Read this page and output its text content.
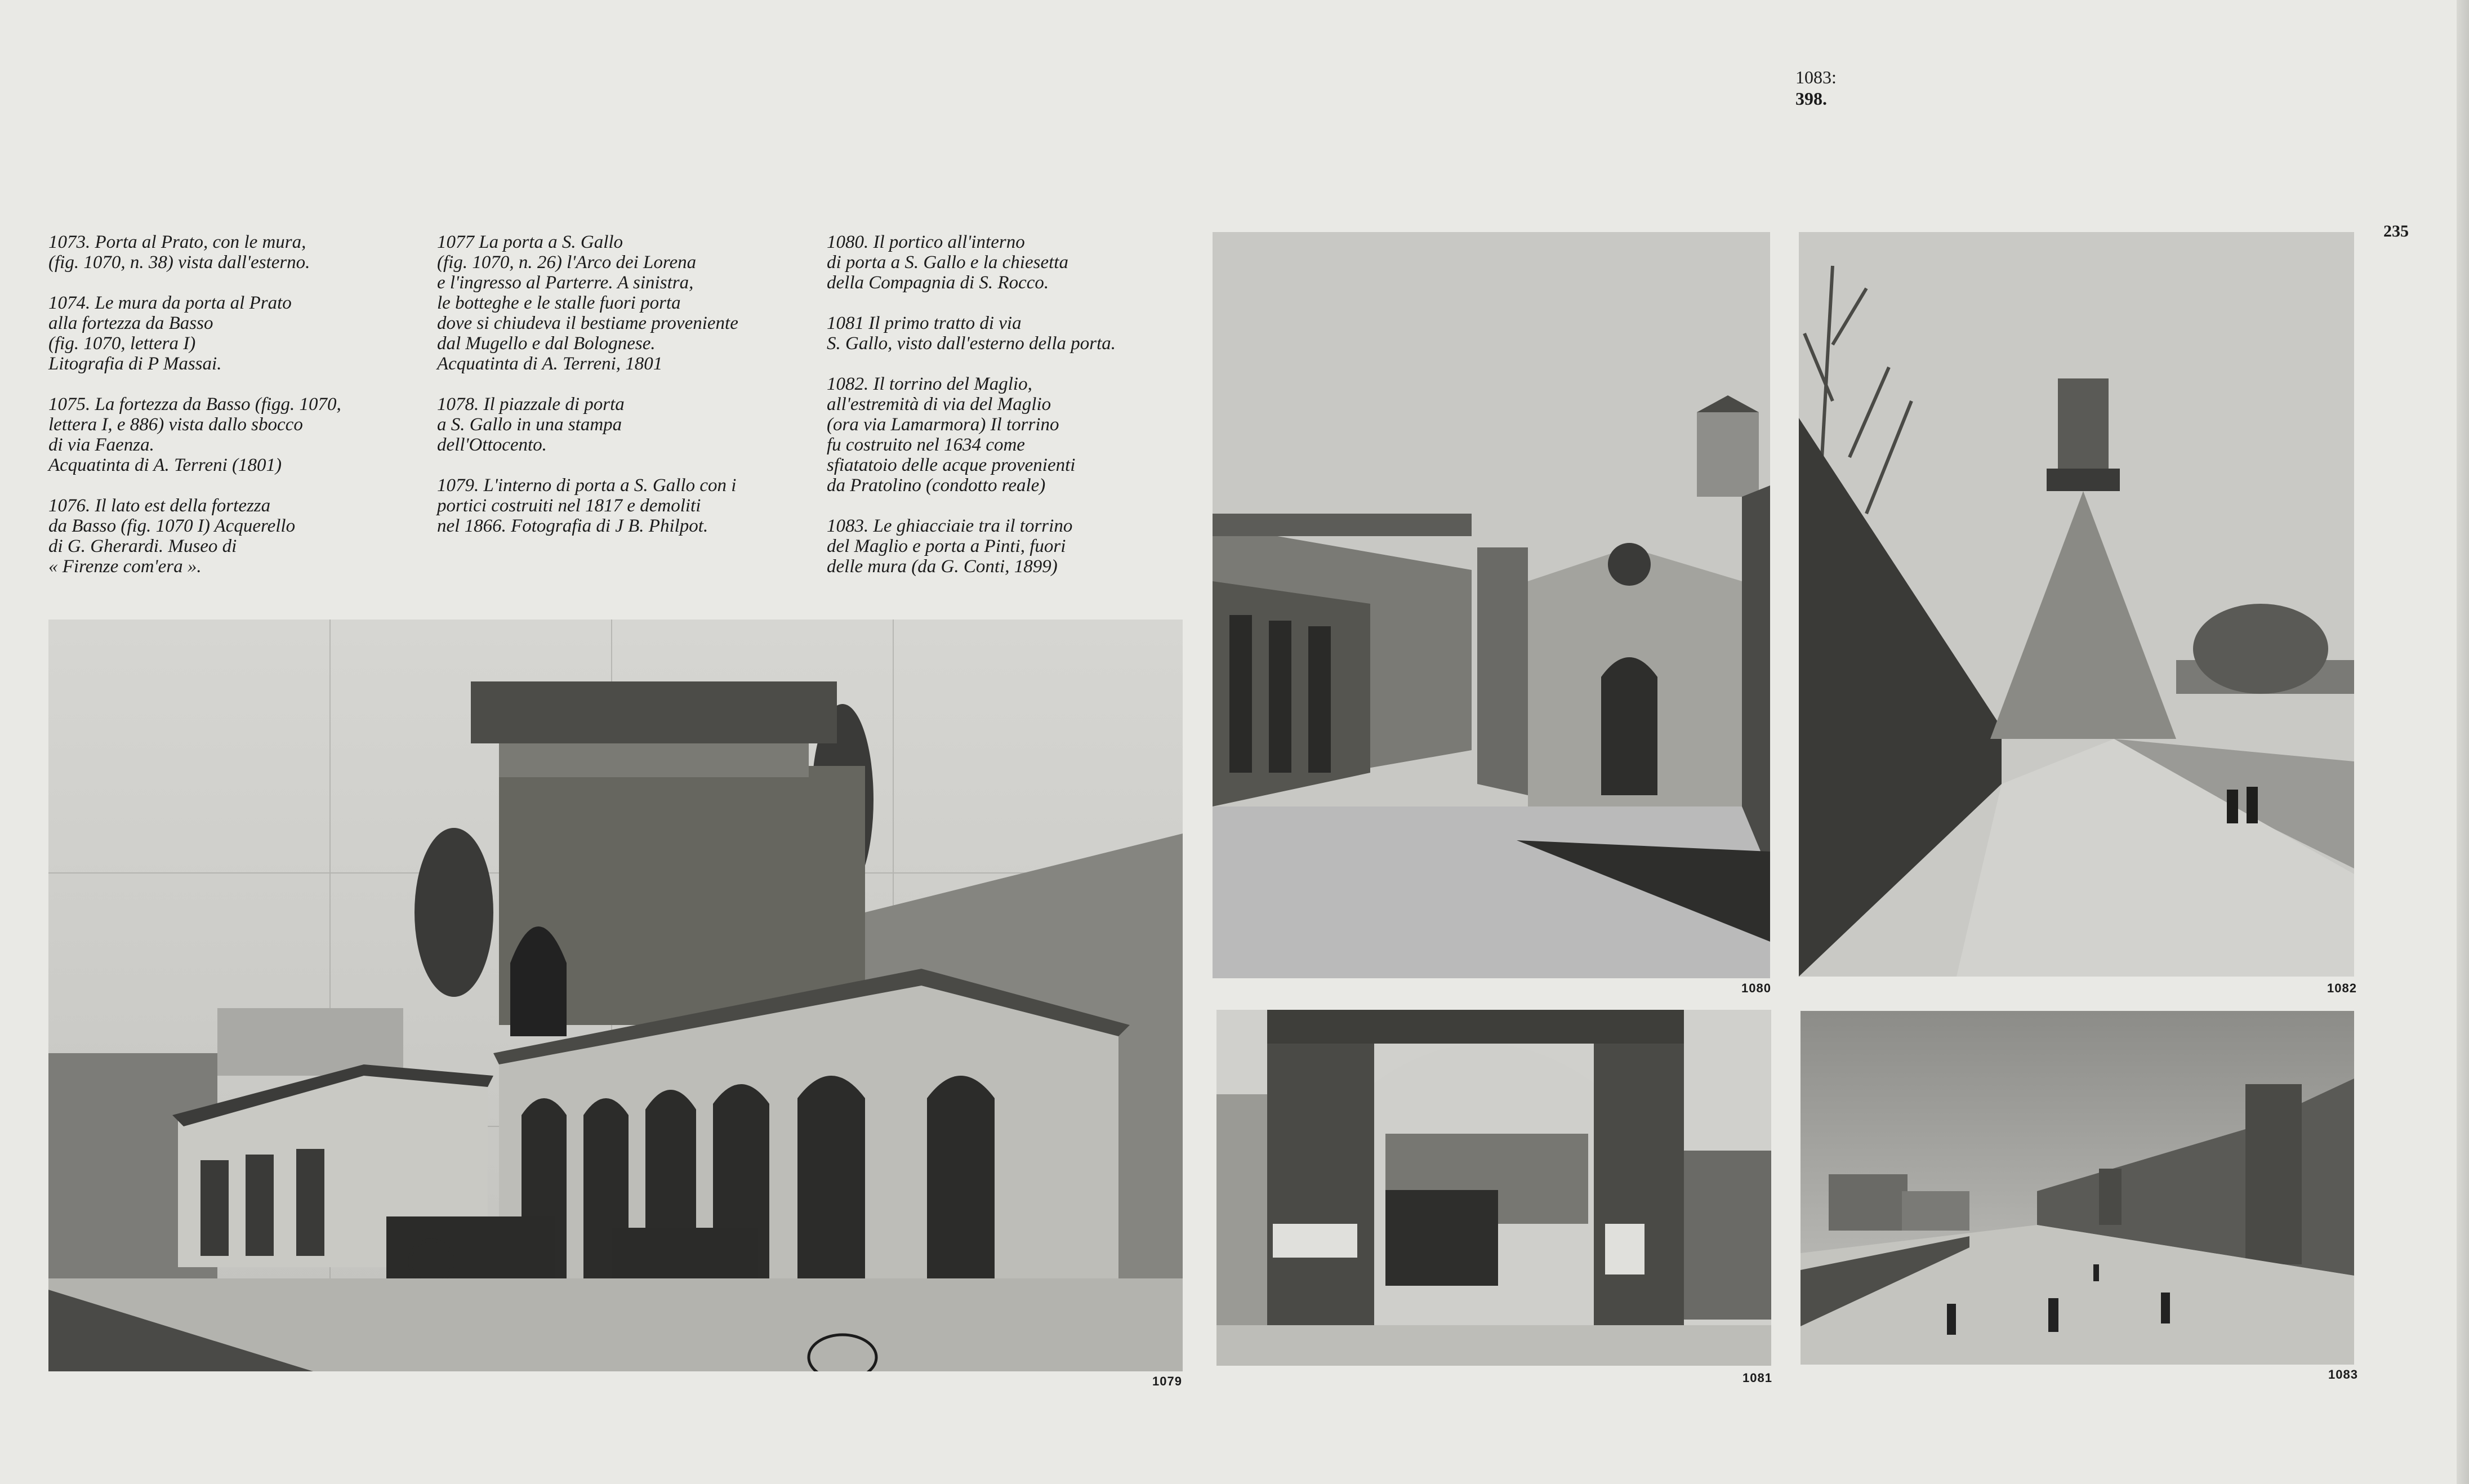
1083:
398.
235

1073. Porta al Prato, con le mura,
(fig. 1070, n. 38) vista dall'esterno.

1074. Le mura da porta al Prato
alla fortezza da Basso
(fig. 1070, lettera I)
Litografia di P Massai.

1075. La fortezza da Basso (figg. 1070,
lettera I, e 886) vista dallo sbocco
di via Faenza.
Acquatinta di A. Terreni (1801)

1076. Il lato est della fortezza
da Basso (fig. 1070 I) Acquerello
di G. Gherardi. Museo di
« Firenze com'era ».

1077 La porta a S. Gallo
(fig. 1070, n. 26) l'Arco dei Lorena
e l'ingresso al Parterre. A sinistra,
le botteghe e le stalle fuori porta
dove si chiudeva il bestiame proveniente
dal Mugello e dal Bolognese.
Acquatinta di A. Terreni, 1801

1078. Il piazzale di porta
a S. Gallo in una stampa
dell'Ottocento.

1079. L'interno di porta a S. Gallo con i
portici costruiti nel 1817 e demoliti
nel 1866. Fotografia di J B. Philpot.

1080. Il portico all'interno
di porta a S. Gallo e la chiesetta
della Compagnia di S. Rocco.

1081 Il primo tratto di via
S. Gallo, visto dall'esterno della porta.

1082. Il torrino del Maglio,
all'estremità di via del Maglio
(ora via Lamarmora) Il torrino
fu costruito nel 1634 come
sfiatatoio delle acque provenienti
da Pratolino (condotto reale)

1083. Le ghiacciaie tra il torrino
del Maglio e porta a Pinti, fuori
delle mura (da G. Conti, 1899)

1079
1080	1082
1081	1083
